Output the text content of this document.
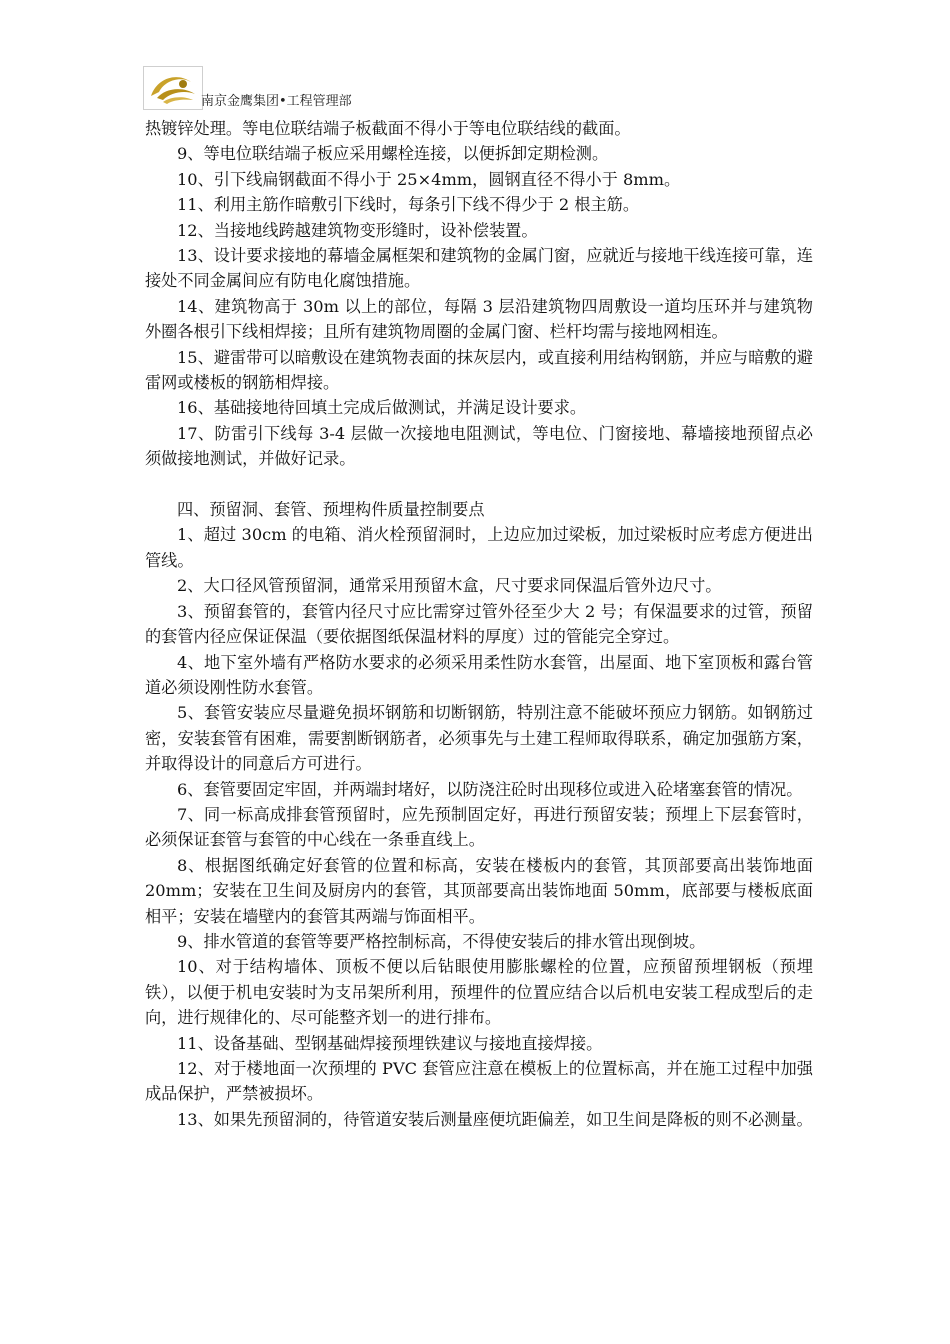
南京金鹰集团•工程管理部

热镀锌处理。等电位联结端子板截面不得小于等电位联结线的截面。

9、等电位联结端子板应采用螺栓连接，以便拆卸定期检测。

10、引下线扁钢截面不得小于 25×4mm，圆钢直径不得小于 8mm。

11、利用主筋作暗敷引下线时，每条引下线不得少于 2 根主筋。

12、当接地线跨越建筑物变形缝时，设补偿装置。

13、设计要求接地的幕墙金属框架和建筑物的金属门窗，应就近与接地干线连接可靠，连接处不同金属间应有防电化腐蚀措施。

14、建筑物高于 30m 以上的部位，每隔 3 层沿建筑物四周敷设一道均压环并与建筑物外圈各根引下线相焊接；且所有建筑物周圈的金属门窗、栏杆均需与接地网相连。

15、避雷带可以暗敷设在建筑物表面的抹灰层内，或直接利用结构钢筋，并应与暗敷的避雷网或楼板的钢筋相焊接。

16、基础接地待回填土完成后做测试，并满足设计要求。

17、防雷引下线每 3-4 层做一次接地电阻测试，等电位、门窗接地、幕墙接地预留点必须做接地测试，并做好记录。

四、预留洞、套管、预埋构件质量控制要点

1、超过 30cm 的电箱、消火栓预留洞时，上边应加过梁板，加过梁板时应考虑方便进出管线。

2、大口径风管预留洞，通常采用预留木盒，尺寸要求同保温后管外边尺寸。

3、预留套管的，套管内径尺寸应比需穿过管外径至少大 2 号；有保温要求的过管，预留的套管内径应保证保温（要依据图纸保温材料的厚度）过的管能完全穿过。

4、地下室外墙有严格防水要求的必须采用柔性防水套管，出屋面、地下室顶板和露台管道必须设刚性防水套管。

5、套管安装应尽量避免损坏钢筋和切断钢筋，特别注意不能破坏预应力钢筋。如钢筋过密，安装套管有困难，需要割断钢筋者，必须事先与土建工程师取得联系，确定加强筋方案，并取得设计的同意后方可进行。

6、套管要固定牢固，并两端封堵好，以防浇注砼时出现移位或进入砼堵塞套管的情况。

7、同一标高成排套管预留时，应先预制固定好，再进行预留安装；预埋上下层套管时，必须保证套管与套管的中心线在一条垂直线上。

8、根据图纸确定好套管的位置和标高，安装在楼板内的套管，其顶部要高出装饰地面 20mm；安装在卫生间及厨房内的套管，其顶部要高出装饰地面 50mm，底部要与楼板底面相平；安装在墙壁内的套管其两端与饰面相平。

9、排水管道的套管等要严格控制标高，不得使安装后的排水管出现倒坡。

10、对于结构墙体、顶板不便以后钻眼使用膨胀螺栓的位置，应预留预埋钢板（预埋铁），以便于机电安装时为支吊架所利用，预埋件的位置应结合以后机电安装工程成型后的走向，进行规律化的、尽可能整齐划一的进行排布。

11、设备基础、型钢基础焊接预埋铁建议与接地直接焊接。

12、对于楼地面一次预埋的 PVC 套管应注意在模板上的位置标高，并在施工过程中加强成品保护，严禁被损坏。

13、如果先预留洞的，待管道安装后测量座便坑距偏差，如卫生间是降板的则不必测量。
